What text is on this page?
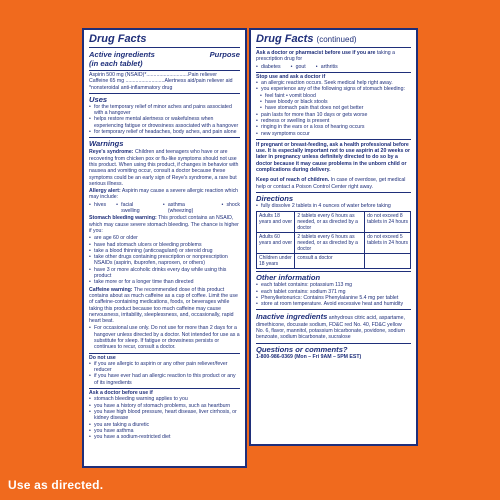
Drug Facts
Active ingredients	Purpose
(in each tablet)
Aspirin 500 mg (NSAID)*.............................Pain reliever
Caffeine 65 mg ...........................Alertness aid/pain reliever aid
*nonsteroidal anti-inflammatory drug
Uses
• for the temporary relief of minor aches and pains associated with a hangover
• helps restore mental alertness or wakefulness when experiencing fatigue or drowsiness associated with a hangover
• for temporary relief of headaches, body aches, and pain alone
Warnings

Reye's syndrome: Children and teenagers who have or are recovering from chicken pox or flu-like symptoms should not use this product. When using this product, if changes in behavior with nausea and vomiting occur, consult a doctor because these symptoms could be an early sign of Reye's syndrome, a rare but serious illness.

Allergy alert: Aspirin may cause a severe allergic reaction which may include:

• hives	• facial swelling
• asthma (wheezing)
• shock

Stomach bleeding warning: This product contains an NSAID, which may cause severe stomach bleeding. The chance is higher if you:

• are age 60 or older
• have had stomach ulcers or bleeding problems
• take a blood thinning (anticoagulant) or steroid drug
• take other drugs containing prescription or nonprescription NSAIDs (aspirin, ibuprofen, naproxen, or others)
• have 3 or more alcoholic drinks every day while using this product
• take more or for a longer time than directed

Caffeine warning: The recommended dose of this product contains about as much caffeine as a cup of coffee. Limit the use of caffeine-containing medications, foods, or beverages while taking this product because too much caffeine may cause nervousness, irritability, sleeplessness, and, occasionally, rapid heart beat.

• For occasional use only. Do not use for more than 2 days for a hangover unless directed by a doctor. Not intended for use as a substitute for sleep. If fatigue or drowsiness persists or continues to recur, consult a doctor.
Do not use
• if you are allergic to aspirin or any other pain reliever/fever reducer
• if you have ever had an allergic reaction to this product or any of its ingredients
Ask a doctor before use if
• stomach bleeding warning applies to you
• you have a history of stomach problems, such as heartburn
• you have high blood pressure, heart disease, liver cirrhosis, or kidney disease
• you are taking a diuretic
• you have asthma
• you have a sodium-restricted diet
Drug Facts (continued)

Ask a doctor or pharmacist before use if you are taking a prescription drug for

• diabetes	• gout	• arthritis
Stop use and ask a doctor if
• an allergic reaction occurs. Seek medical help right away.
• you experience any of the following signs of stomach bleeding:
• feel faint • vomit blood
• have bloody or black stools
• have stomach pain that does not get better
• pain lasts for more than 10 days or gets worse
• redness or swelling is present
• ringing in the ears or a loss of hearing occurs
• new symptoms occur

If pregnant or breast-feeding, ask a health professional before use. It is especially important not to use aspirin at 20 weeks or later in pregnancy unless definitely directed to do so by a doctor because it may cause problems in the unborn child or complications during delivery.

Keep out of reach of children. In case of overdose, get medical help or contact a Poison Control Center right away.

Directions
• fully dissolve 2 tablets in 4 ounces of water before taking
Adults 18 years and over	2 tablets every 6 hours as needed, or as directed by a doctor	do not exceed 8 tablets in 24 hours
Adults 60 years and over	2 tablets every 6 hours as needed, or as directed by a doctor	do not exceed 5 tablets in 24 hours
Children under 18 years	consult a doctor	
Other information
• each tablet contains: potassium 113 mg
• each tablet contains: sodium 371 mg
• Phenylketonurics: Contains Phenylalanine 5.4 mg per tablet
• store at room temperature. Avoid excessive heat and humidity

Inactive ingredients anhydrous citric acid, aspartame, dimethicone, docusate sodium, FD&C red No. 40, FD&C yellow No. 6, flavor, mannitol, potassium bicarbonate, povidone, sodium benzoate, sodium bicarbonate, sucralose

Questions or comments?
1-800-986-0369 (Mon – Fri 9AM – 5PM EST)
Use as directed.
